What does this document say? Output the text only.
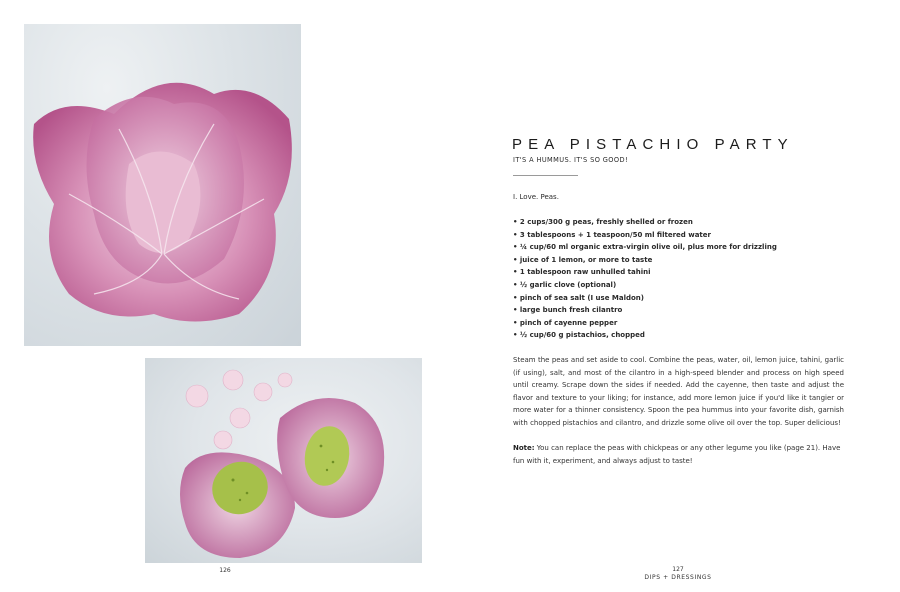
126
PEA PISTACHIO PARTY
IT'S A HUMMUS. IT'S SO GOOD!
I. Love. Peas.
• 2 cups/300 g peas, freshly shelled or frozen
• 3 tablespoons + 1 teaspoon/50 ml filtered water
• ¼ cup/60 ml organic extra-virgin olive oil, plus more for drizzling
• juice of 1 lemon, or more to taste
• 1 tablespoon raw unhulled tahini
• ½ garlic clove (optional)
• pinch of sea salt (I use Maldon)
• large bunch fresh cilantro
• pinch of cayenne pepper
• ½ cup/60 g pistachios, chopped

Steam the peas and set aside to cool. Combine the peas, water, oil, lemon juice, tahini, garlic (if using), salt, and most of the cilantro in a high-speed blender and process on high speed until creamy. Scrape down the sides if needed. Add the cayenne, then taste and adjust the flavor and texture to your liking; for instance, add more lemon juice if you'd like it tangier or more water for a thinner consistency. Spoon the pea hummus into your favorite dish, garnish with chopped pistachios and cilantro, and drizzle some olive oil over the top. Super delicious!

Note: You can replace the peas with chickpeas or any other legume you like (page 21). Have fun with it, experiment, and always adjust to taste!

127
DIPS + DRESSINGS
